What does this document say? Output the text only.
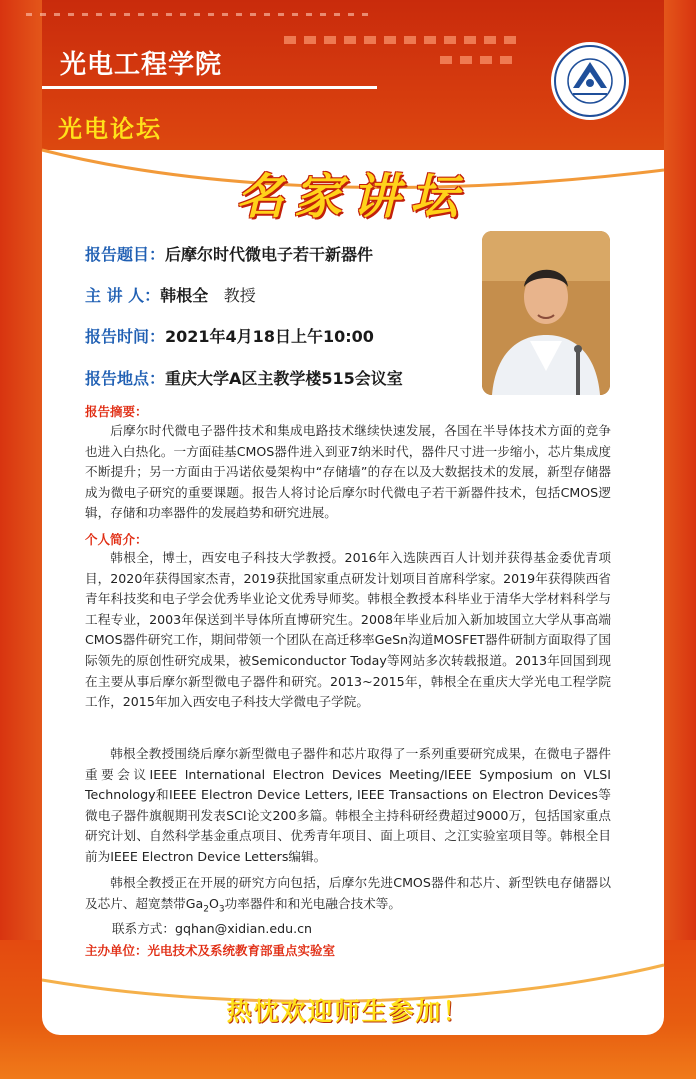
光电工程学院
光电论坛
名家讲坛
报告题目：后摩尔时代微电子若干新器件
主 讲 人：韩根全 教授
报告时间：2021年4月18日上午10:00
报告地点：重庆大学A区主教学楼515会议室
报告摘要：
后摩尔时代微电子器件技术和集成电路技术继续快速发展，各国在半导体技术方面的竞争也进入白热化。一方面硅基CMOS器件进入到亚7纳米时代，器件尺寸进一步缩小，芯片集成度不断提升；另一方面由于冯诺依曼架构中“存储墙”的存在以及大数据技术的发展，新型存储器成为微电子研究的重要课题。报告人将讨论后摩尔时代微电子若干新器件技术，包括CMOS逻辑，存储和功率器件的发展趋势和研究进展。
个人简介：
韩根全，博士，西安电子科技大学教授。2016年入选陕西百人计划并获得基金委优青项目，2020年获得国家杰青，2019获批国家重点研发计划项目首席科学家。2019年获得陕西省青年科技奖和电子学会优秀毕业论文优秀导师奖。韩根全教授本科毕业于清华大学材料科学与工程专业，2003年保送到半导体所直博研究生。2008年毕业后加入新加坡国立大学从事高端CMOS器件研究工作，期间带领一个团队在高迁移率GeSn沟道MOSFET器件研制方面取得了国际领先的原创性研究成果，被Semiconductor Today等网站多次转载报道。2013年回国到现在主要从事后摩尔新型微电子器件和研究。2013~2015年，韩根全在重庆大学光电工程学院工作，2015年加入西安电子科技大学微电子学院。
韩根全教授围绕后摩尔新型微电子器件和芯片取得了一系列重要研究成果，在微电子器件重要会议IEEE International Electron Devices Meeting/IEEE Symposium on VLSI Technology和IEEE Electron Device Letters, IEEE Transactions on Electron Devices等微电子器件旗舰期刊发表SCI论文200多篇。韩根全主持科研经费超过9000万，包括国家重点研究计划、自然科学基金重点项目、优秀青年项目、面上项目、之江实验室项目等。韩根全目前为IEEE Electron Device Letters编辑。
韩根全教授正在开展的研究方向包括，后摩尔先进CMOS器件和芯片、新型铁电存储器以及芯片、超宽禁带$Ga_2O_3$功率器件和和光电融合技术等。
联系方式：gqhan@xidian.edu.cn
主办单位：光电技术及系统教育部重点实验室
热忱欢迎师生参加！
